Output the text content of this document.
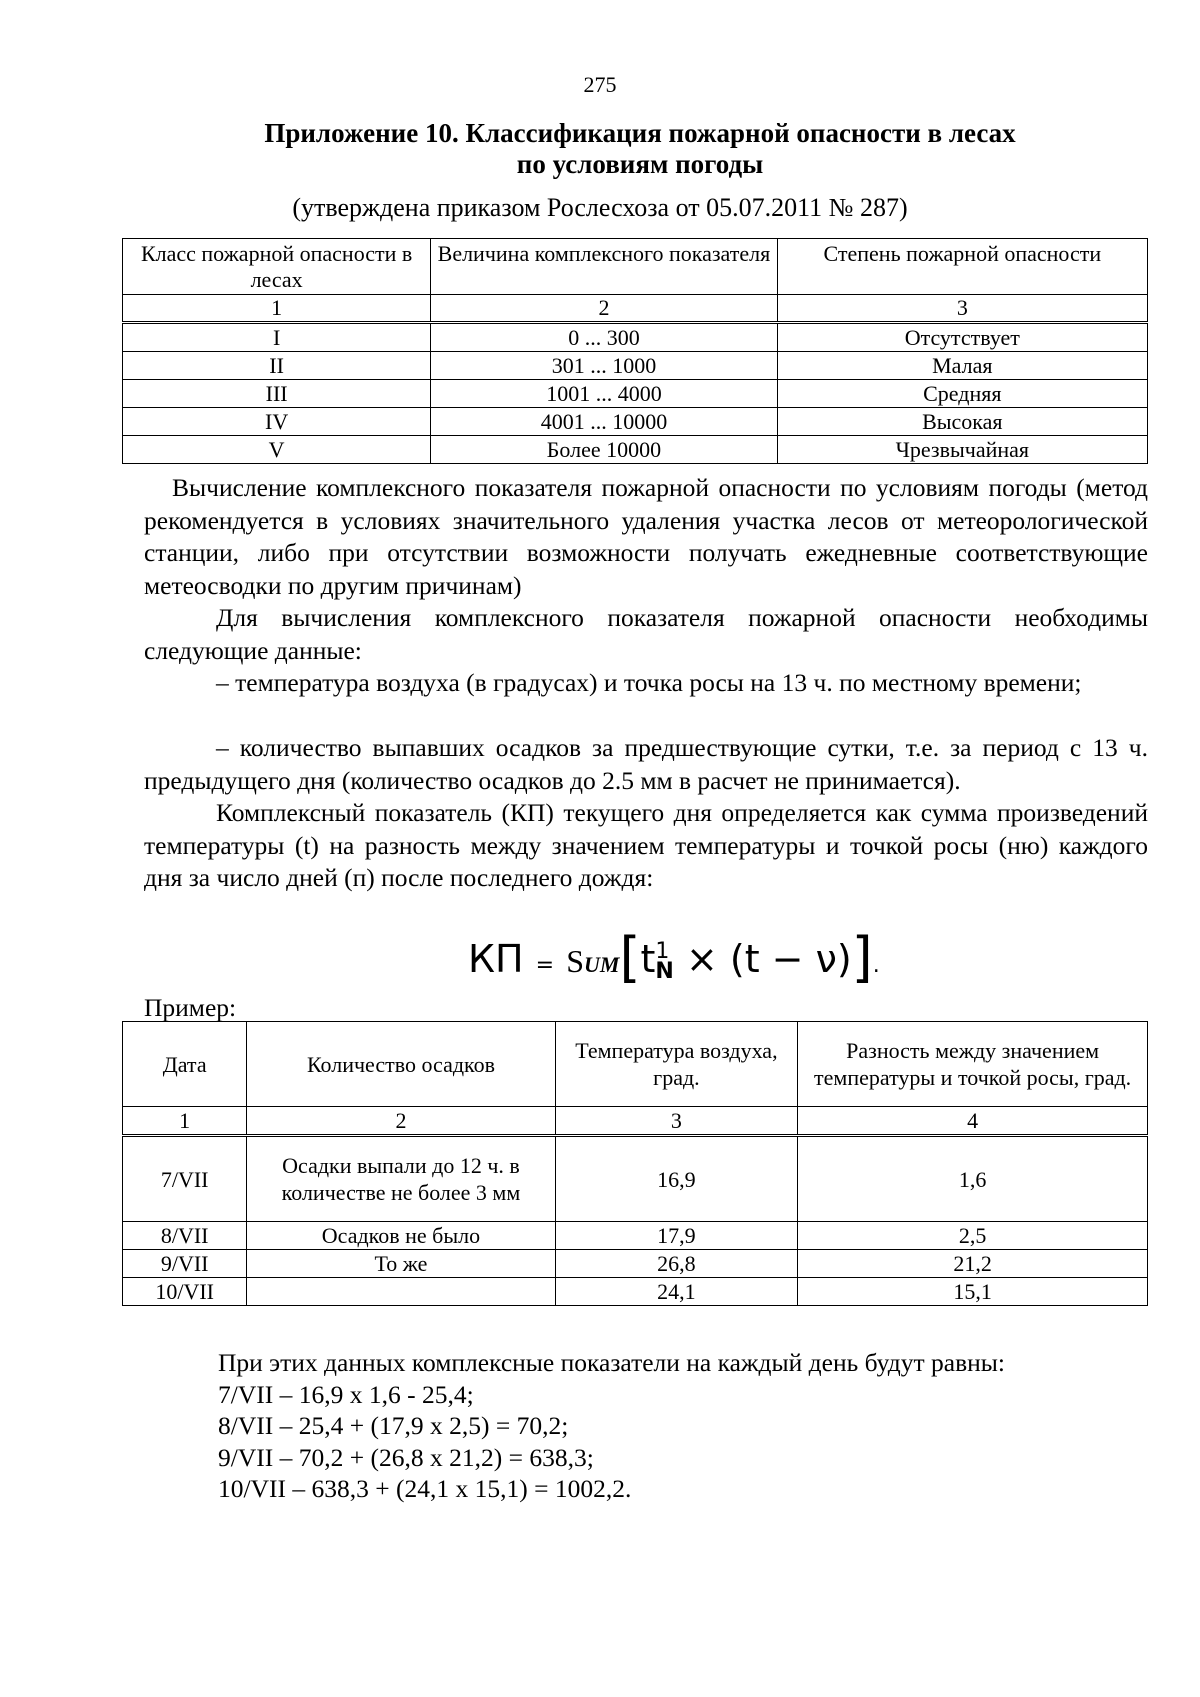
275
Приложение 10. Классификация пожарной опасности в лесах
по условиям погоды
(утверждена приказом Рослесхоза от 05.07.2011 № 287)
Класс пожарной опасности в лесах	Величина комплексного показателя	Степень пожарной опасности
1	2	3
I	0 ... 300	Отсутствует
II	301 ... 1000	Малая
III	1001 ... 4000	Средняя
IV	4001 ... 10000	Высокая
V	Более 10000	Чрезвычайная

Вычисление комплексного показателя пожарной опасности по условиям погоды (метод рекомендуется в условиях значительного удаления участка лесов от метеорологической станции, либо при отсутствии возможности получать ежедневные соответствующие метеосводки по другим причинам)

Для вычисления комплексного показателя пожарной опасности необходимы следующие данные:

– температура воздуха (в градусах) и точка росы на 13 ч. по местному времени;

– количество выпавших осадков за предшествующие сутки, т.е. за период с 13 ч. предыдущего дня (количество осадков до 2.5 мм в расчет не принимается).

Комплексный показатель (КП) текущего дня определяется как сумма произведений температуры (t) на разность между значением температуры и точкой росы (ню) каждого дня за число дней (п) после последнего дождя:

КП = SUM[t 1
N × (t − ν)].
Пример:
Дата	Количество осадков	Температура воздуха, град.	Разность между значением температуры и точкой росы, град.
1	2	3	4
7/VII	Осадки выпали до 12 ч. в количестве не более 3 мм	16,9	1,6
8/VII	Осадков не было	17,9	2,5
9/VII	То же	26,8	21,2
10/VII		24,1	15,1
При этих данных комплексные показатели на каждый день будут равны:
7/VII – 16,9 х 1,6 - 25,4;
8/VII – 25,4 + (17,9 х 2,5) = 70,2;
9/VII – 70,2 + (26,8 х 21,2) = 638,3;
10/VII – 638,3 + (24,1 х 15,1) = 1002,2.
